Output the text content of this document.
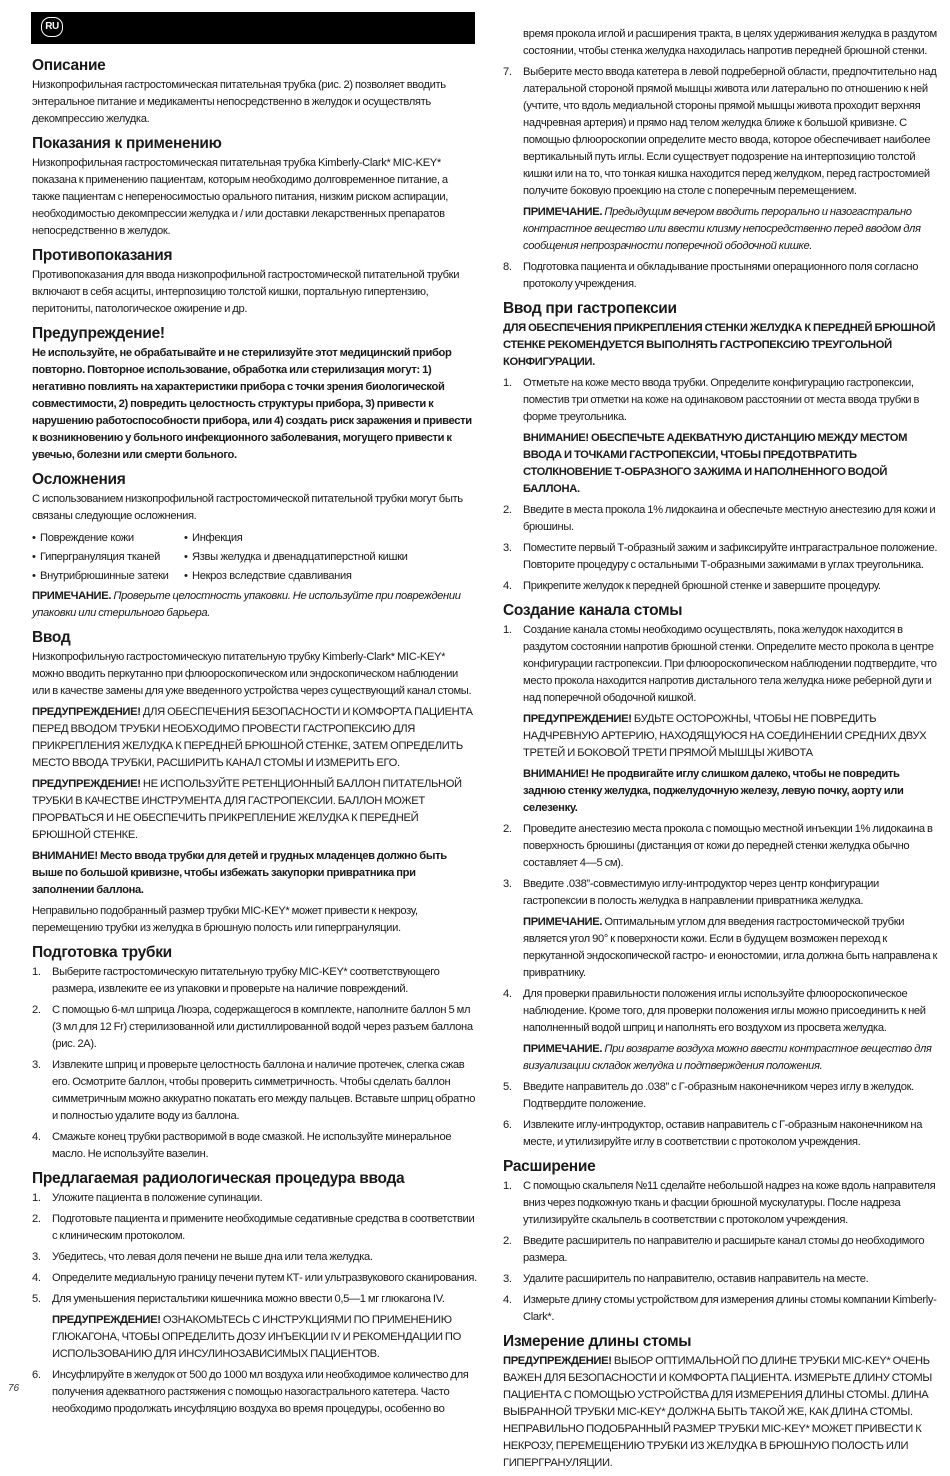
RU
Описание

Низкопрофильная гастростомическая питательная трубка (рис. 2) позволяет вводить энтеральное питание и медикаменты непосредственно в желудок и осуществлять декомпрессию желудка.

Показания к применению

Низкопрофильная гастростомическая питательная трубка Kimberly-Clark* MIC-KEY* показана к применению пациентам, которым необходимо долговременное питание, а также пациентам с непереносимостью орального питания, низким риском аспирации, необходимостью декомпрессии желудка и / или доставки лекарственных препаратов непосредственно в желудок.

Противопоказания

Противопоказания для ввода низкопрофильной гастростомической питательной трубки включают в себя асциты, интерпозицию толстой кишки, портальную гипертензию, перитониты, патологическое ожирение и др.

Предупреждение!

Не используйте, не обрабатывайте и не стерилизуйте этот медицинский прибор повторно. Повторное использование, обработка или стерилизация могут: 1) негативно повлиять на характеристики прибора с точки зрения биологической совместимости, 2) повредить целостность структуры прибора, 3) привести к нарушению работоспособности прибора, или 4) создать риск заражения и привести к возникновению у больного инфекционного заболевания, могущего привести к увечью, болезни или смерти больного.

Осложнения

С использованием низкопрофильной гастростомической питательной трубки могут быть связаны следующие осложнения.

• Повреждение кожи	• Инфекция
• Гипергрануляция тканей	• Язвы желудка и двенадцатиперстной кишки
• Внутрибрюшинные затеки	• Некроз вследствие сдавливания

ПРИМЕЧАНИЕ. Проверьте целостность упаковки. Не используйте при повреждении упаковки или стерильного барьера.

Ввод

Низкопрофильную гастростомическую питательную трубку Kimberly-Clark* MIC-KEY* можно вводить перкутанно при флюороскопическом или эндоскопическом наблюдении или в качестве замены для уже введенного устройства через существующий канал стомы.

ПРЕДУПРЕЖДЕНИЕ! ДЛЯ ОБЕСПЕЧЕНИЯ БЕЗОПАСНОСТИ И КОМФОРТА ПАЦИЕНТА ПЕРЕД ВВОДОМ ТРУБКИ НЕОБХОДИМО ПРОВЕСТИ ГАСТРОПЕКСИЮ ДЛЯ ПРИКРЕПЛЕНИЯ ЖЕЛУДКА К ПЕРЕДНЕЙ БРЮШНОЙ СТЕНКЕ, ЗАТЕМ ОПРЕДЕЛИТЬ МЕСТО ВВОДА ТРУБКИ, РАСШИРИТЬ КАНАЛ СТОМЫ И ИЗМЕРИТЬ ЕГО.

ПРЕДУПРЕЖДЕНИЕ! НЕ ИСПОЛЬЗУЙТЕ РЕТЕНЦИОННЫЙ БАЛЛОН ПИТАТЕЛЬНОЙ ТРУБКИ В КАЧЕСТВЕ ИНСТРУМЕНТА ДЛЯ ГАСТРОПЕКСИИ. БАЛЛОН МОЖЕТ ПРОРВАТЬСЯ И НЕ ОБЕСПЕЧИТЬ ПРИКРЕПЛЕНИЕ ЖЕЛУДКА К ПЕРЕДНЕЙ БРЮШНОЙ СТЕНКЕ.

ВНИМАНИЕ! Место ввода трубки для детей и грудных младенцев должно быть выше по большой кривизне, чтобы избежать закупорки привратника при заполнении баллона.

Неправильно подобранный размер трубки MIC-KEY* может привести к некрозу, перемещению трубки из желудка в брюшную полость или гипергрануляции.

Подготовка трубки
1. Выберите гастростомическую питательную трубку MIC-KEY* соответствующего размера, извлеките ее из упаковки и проверьте на наличие повреждений.
2. С помощью 6-мл шприца Люэра, содержащегося в комплекте, наполните баллон 5 мл (3 мл для 12 Fr) стерилизованной или дистиллированной водой через разъем баллона (рис. 2A).
3. Извлеките шприц и проверьте целостность баллона и наличие протечек, слегка сжав его. Осмотрите баллон, чтобы проверить симметричность. Чтобы сделать баллон симметричным можно аккуратно покатать его между пальцев. Вставьте шприц обратно и полностью удалите воду из баллона.
4. Смажьте конец трубки растворимой в воде смазкой. Не используйте минеральное масло. Не используйте вазелин.
Предлагаемая радиологическая процедура ввода
1. Уложите пациента в положение супинации.
2. Подготовьте пациента и примените необходимые седативные средства в соответствии с клиническим протоколом.
3. Убедитесь, что левая доля печени не выше дна или тела желудка.
4. Определите медиальную границу печени путем КТ- или ультразвукового сканирования.
5. Для уменьшения перистальтики кишечника можно ввести 0,5—1 мг глюкагона IV.
ПРЕДУПРЕЖДЕНИЕ! ОЗНАКОМЬТЕСЬ С ИНСТРУКЦИЯМИ ПО ПРИМЕНЕНИЮ ГЛЮКАГОНА, ЧТОБЫ ОПРЕДЕЛИТЬ ДОЗУ ИНЪЕКЦИИ IV И РЕКОМЕНДАЦИИ ПО ИСПОЛЬЗОВАНИЮ ДЛЯ ИНСУЛИНОЗАВИСИМЫХ ПАЦИЕНТОВ.
6. Инсуфлируйте в желудок от 500 до 1000 мл воздуха или необходимое количество для получения адекватного растяжения с помощью назогастрального катетера. Часто необходимо продолжать инсуфляцию воздуха во время процедуры, особенно во

время прокола иглой и расширения тракта, в целях удерживания желудка в раздутом состоянии, чтобы стенка желудка находилась напротив передней брюшной стенки.

7. Выберите место ввода катетера в левой подреберной области, предпочтительно над латеральной стороной прямой мышцы живота или латерально по отношению к ней (учтите, что вдоль медиальной стороны прямой мышцы живота проходит верхняя надчревная артерия) и прямо над телом желудка ближе к большой кривизне. С помощью флюороскопии определите место ввода, которое обеспечивает наиболее вертикальный путь иглы. Если существует подозрение на интерпозицию толстой кишки или на то, что тонкая кишка находится перед желудком, перед гастростомией получите боковую проекцию на столе с поперечным перемещением.
ПРИМЕЧАНИЕ. Предыдущим вечером вводить перорально и назогастрально контрастное вещество или ввести клизму непосредственно перед вводом для сообщения непрозрачности поперечной ободочной кишке.
8. Подготовка пациента и обкладывание простынями операционного поля согласно протоколу учреждения.
Ввод при гастропексии

ДЛЯ ОБЕСПЕЧЕНИЯ ПРИКРЕПЛЕНИЯ СТЕНКИ ЖЕЛУДКА К ПЕРЕДНЕЙ БРЮШНОЙ СТЕНКЕ РЕКОМЕНДУЕТСЯ ВЫПОЛНЯТЬ ГАСТРОПЕКСИЮ ТРЕУГОЛЬНОЙ КОНФИГУРАЦИИ.

1. Отметьте на коже место ввода трубки. Определите конфигурацию гастропексии, поместив три отметки на коже на одинаковом расстоянии от места ввода трубки в форме треугольника.
ВНИМАНИЕ! ОБЕСПЕЧЬТЕ АДЕКВАТНУЮ ДИСТАНЦИЮ МЕЖДУ МЕСТОМ ВВОДА И ТОЧКАМИ ГАСТРОПЕКСИИ, ЧТОБЫ ПРЕДОТВРАТИТЬ СТОЛКНОВЕНИЕ Т-ОБРАЗНОГО ЗАЖИМА И НАПОЛНЕННОГО ВОДОЙ БАЛЛОНА.
2. Введите в места прокола 1% лидокаина и обеспечьте местную анестезию для кожи и брюшины.
3. Поместите первый Т-образный зажим и зафиксируйте интрагастральное положение. Повторите процедуру с остальными Т-образными зажимами в углах треугольника.
4. Прикрепите желудок к передней брюшной стенке и завершите процедуру.
Создание канала стомы
1. Создание канала стомы необходимо осуществлять, пока желудок находится в раздутом состоянии напротив брюшной стенки. Определите место прокола в центре конфигурации гастропексии. При флюороскопическом наблюдении подтвердите, что место прокола находится напротив дистального тела желудка ниже реберной дуги и над поперечной ободочной кишкой.
ПРЕДУПРЕЖДЕНИЕ! БУДЬТЕ ОСТОРОЖНЫ, ЧТОБЫ НЕ ПОВРЕДИТЬ НАДЧРЕВНУЮ АРТЕРИЮ, НАХОДЯЩУЮСЯ НА СОЕДИНЕНИИ СРЕДНИХ ДВУХ ТРЕТЕЙ И БОКОВОЙ ТРЕТИ ПРЯМОЙ МЫШЦЫ ЖИВОТА
ВНИМАНИЕ! Не продвигайте иглу слишком далеко, чтобы не повредить заднюю стенку желудка, поджелудочную железу, левую почку, аорту или селезенку.
2. Проведите анестезию места прокола с помощью местной инъекции 1% лидокаина в поверхность брюшины (дистанция от кожи до передней стенки желудка обычно составляет 4—5 см).
3. Введите .038”-совместимую иглу-интродуктор через центр конфигурации гастропексии в полость желудка в направлении привратника желудка.
ПРИМЕЧАНИЕ. Оптимальным углом для введения гастростомической трубки является угол 90° к поверхности кожи. Если в будущем возможен переход к перкутанной эндоскопической гастро- и еюностомии, игла должна быть направлена к привратнику.
4. Для проверки правильности положения иглы используйте флюороскопическое наблюдение. Кроме того, для проверки положения иглы можно присоединить к ней наполненный водой шприц и наполнять его воздухом из просвета желудка.
ПРИМЕЧАНИЕ. При возврате воздуха можно ввести контрастное вещество для визуализации складок желудка и подтверждения положения.
5. Введите направитель до .038” с Г-образным наконечником через иглу в желудок. Подтвердите положение.
6. Извлеките иглу-интродуктор, оставив направитель с Г-образным наконечником на месте, и утилизируйте иглу в соответствии с протоколом учреждения.
Расширение
1. С помощью скальпеля №11 сделайте небольшой надрез на коже вдоль направителя вниз через подкожную ткань и фасции брюшной мускулатуры. После надреза утилизируйте скальпель в соответствии с протоколом учреждения.
2. Введите расширитель по направителю и расширьте канал стомы до необходимого размера.
3. Удалите расширитель по направителю, оставив направитель на месте.
4. Измерьте длину стомы устройством для измерения длины стомы компании Kimberly-Clark*.
Измерение длины стомы

ПРЕДУПРЕЖДЕНИЕ! ВЫБОР ОПТИМАЛЬНОЙ ПО ДЛИНЕ ТРУБКИ MIC-KEY* ОЧЕНЬ ВАЖЕН ДЛЯ БЕЗОПАСНОСТИ И КОМФОРТА ПАЦИЕНТА. ИЗМЕРЬТЕ ДЛИНУ СТОМЫ ПАЦИЕНТА С ПОМОЩЬЮ УСТРОЙСТВА ДЛЯ ИЗМЕРЕНИЯ ДЛИНЫ СТОМЫ. ДЛИНА ВЫБРАННОЙ ТРУБКИ MIC-KEY* ДОЛЖНА БЫТЬ ТАКОЙ ЖЕ, КАК ДЛИНА СТОМЫ. НЕПРАВИЛЬНО ПОДОБРАННЫЙ РАЗМЕР ТРУБКИ MIC-KEY* МОЖЕТ ПРИВЕСТИ К НЕКРОЗУ, ПЕРЕМЕЩЕНИЮ ТРУБКИ ИЗ ЖЕЛУДКА В БРЮШНУЮ ПОЛОСТЬ ИЛИ ГИПЕРГРАНУЛЯЦИИ.

76
